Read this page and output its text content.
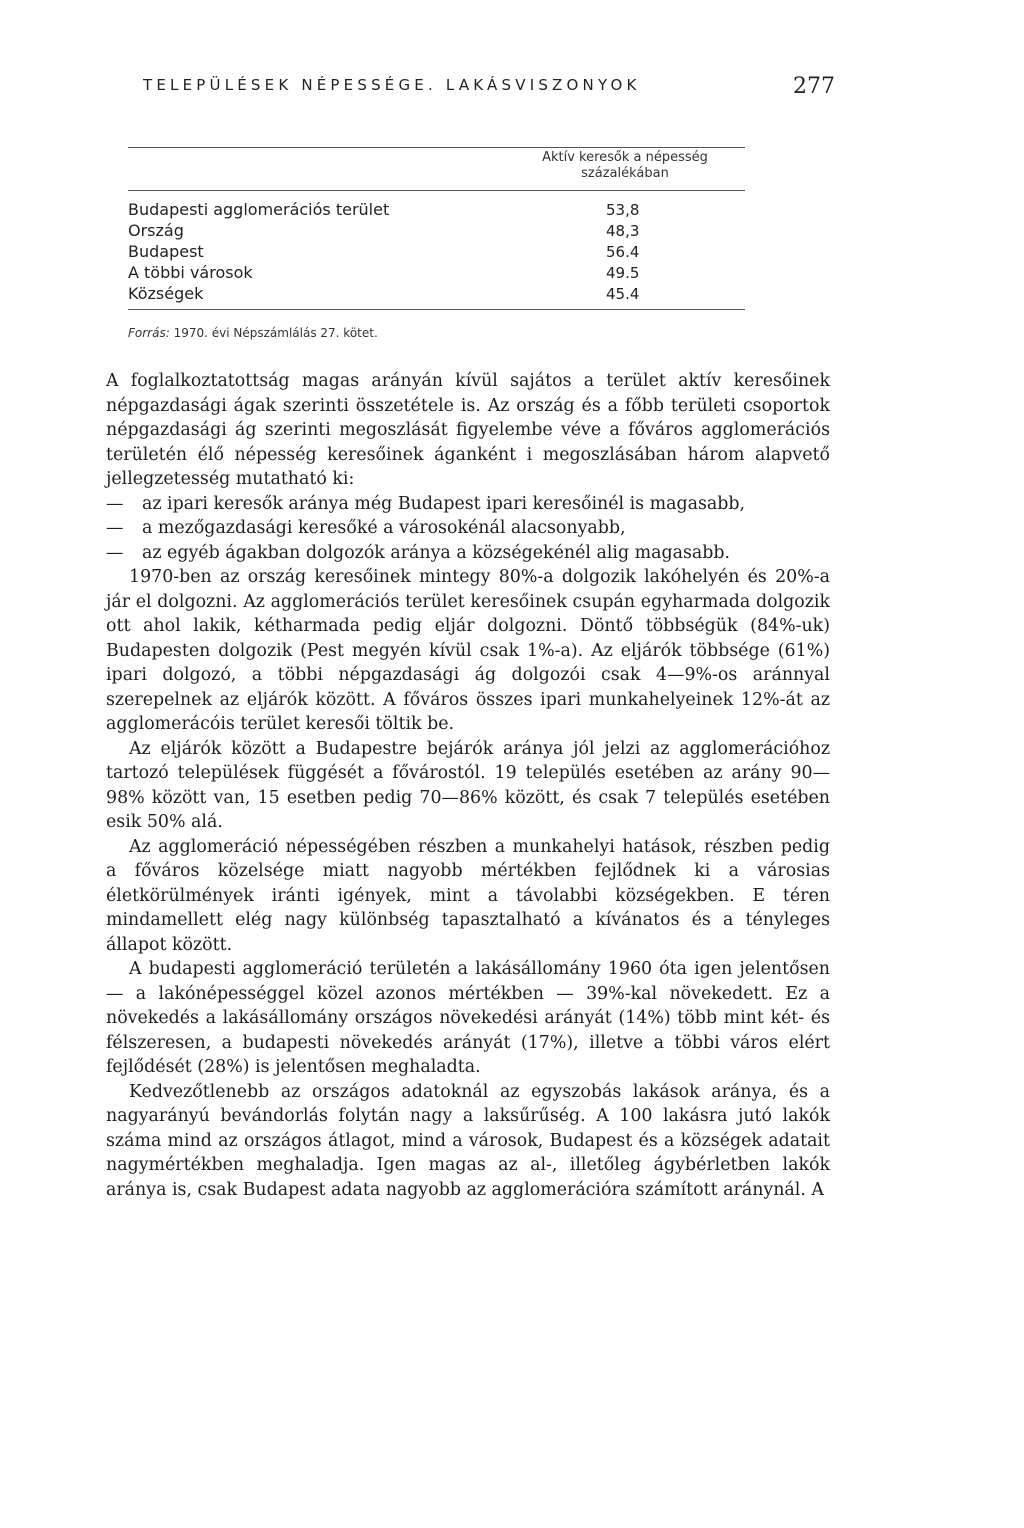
TELEPÜLÉSEK NÉPESSÉGE. LAKÁSVISZONYOK	277
Aktív keresők a népesség százalékában
Budapesti agglomerációs terület	53,8
Ország	48,3
Budapest	56.4
A többi városok	49.5
Községek	45.4
Forrás: 1970. évi Népszámlálás 27. kötet.

A foglalkoztatottság magas arányán kívül sajátos a terület aktív keresőinek népgazdasági ágak szerinti összetétele is. Az ország és a főbb területi csoportok népgazdasági ág szerinti megoszlását figyelembe véve a főváros agglomerációs területén élő népesség keresőinek áganként i megoszlásában három alapvető jellegzetesség mutatható ki:

— az ipari keresők aránya még Budapest ipari keresőinél is magasabb,

— a mezőgazdasági keresőké a városokénál alacsonyabb,

— az egyéb ágakban dolgozók aránya a községekénél alig magasabb.

1970-ben az ország keresőinek mintegy 80%-a dolgozik lakóhelyén és 20%-a jár el dolgozni. Az agglomerációs terület keresőinek csupán egyharmada dolgozik ott ahol lakik, kétharmada pedig eljár dolgozni. Döntő többségük (84%-uk) Budapesten dolgozik (Pest megyén kívül csak 1%-a). Az eljárók többsége (61%) ipari dolgozó, a többi népgazdasági ág dolgozói csak 4—9%-os aránnyal szerepelnek az eljárók között. A főváros összes ipari munkahelyeinek 12%-át az agglomerácóis terület keresői töltik be.

Az eljárók között a Budapestre bejárók aránya jól jelzi az agglomerációhoz tartozó települések függését a fővárostól. 19 település esetében az arány 90—98% között van, 15 esetben pedig 70—86% között, és csak 7 település esetében esik 50% alá.

Az agglomeráció népességében részben a munkahelyi hatások, részben pedig a főváros közelsége miatt nagyobb mértékben fejlődnek ki a városias életkörülmények iránti igények, mint a távolabbi községekben. E téren mindamellett elég nagy különbség tapasztalható a kívánatos és a tényleges állapot között.

A budapesti agglomeráció területén a lakásállomány 1960 óta igen jelentősen — a lakónépességgel közel azonos mértékben — 39%-kal növekedett. Ez a növekedés a lakásállomány országos növekedési arányát (14%) több mint két- és félszeresen, a budapesti növekedés arányát (17%), illetve a többi város elért fejlődését (28%) is jelentősen meghaladta.

Kedvezőtlenebb az országos adatoknál az egyszobás lakások aránya, és a nagyarányú bevándorlás folytán nagy a laksűrűség. A 100 lakásra jutó lakók száma mind az országos átlagot, mind a városok, Budapest és a községek adatait nagymértékben meghaladja. Igen magas az al-, illetőleg ágybérletben lakók aránya is, csak Budapest adata nagyobb az agglomerációra számított aránynál. A
